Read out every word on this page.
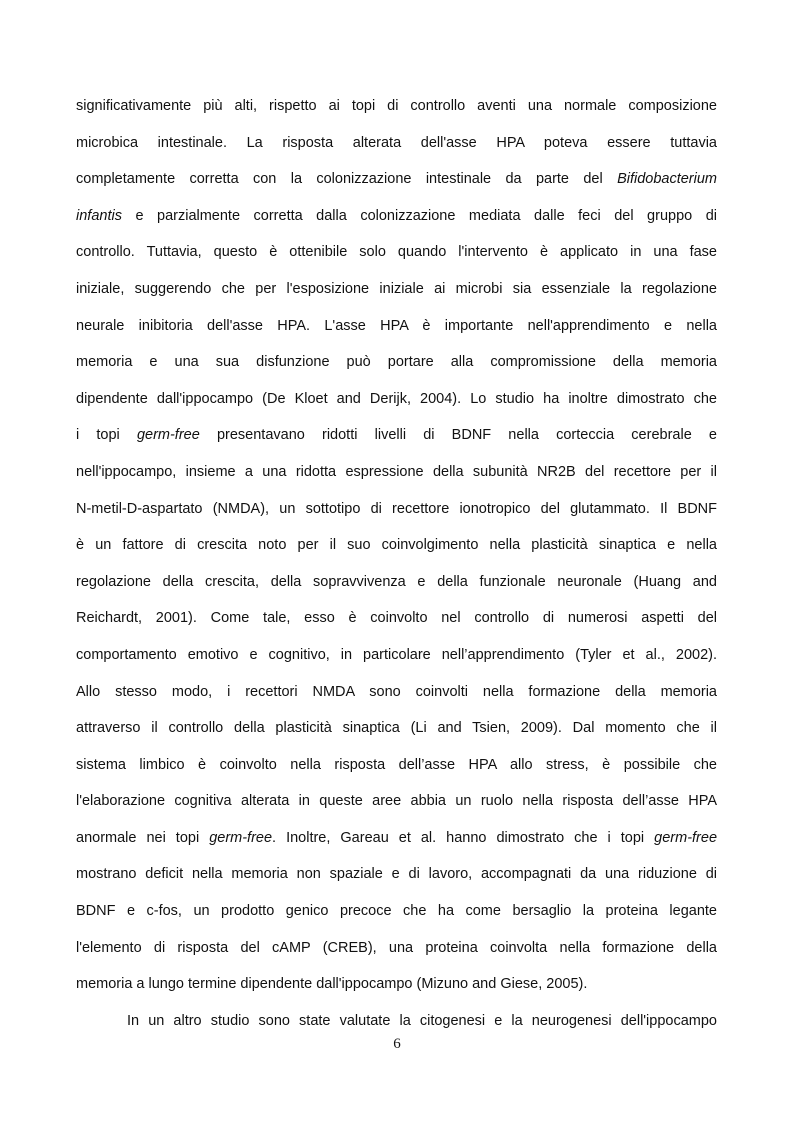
significativamente più alti, rispetto ai topi di controllo aventi una normale composizione
microbica intestinale. La risposta alterata dell'asse HPA poteva essere tuttavia
completamente corretta con la colonizzazione intestinale da parte del Bifidobacterium
infantis e parzialmente corretta dalla colonizzazione mediata dalle feci del gruppo di
controllo. Tuttavia, questo è ottenibile solo quando l'intervento è applicato in una fase
iniziale, suggerendo che per l'esposizione iniziale ai microbi sia essenziale la regolazione
neurale inibitoria dell'asse HPA. L'asse HPA è importante nell'apprendimento e nella
memoria e una sua disfunzione può portare alla compromissione della memoria
dipendente dall'ippocampo (De Kloet and Derijk, 2004). Lo studio ha inoltre dimostrato che
i topi germ-free presentavano ridotti livelli di BDNF nella corteccia cerebrale e
nell'ippocampo, insieme a una ridotta espressione della subunità NR2B del recettore per il
N-metil-D-aspartato (NMDA), un sottotipo di recettore ionotropico del glutammato. Il BDNF
è un fattore di crescita noto per il suo coinvolgimento nella plasticità sinaptica e nella
regolazione della crescita, della sopravvivenza e della funzionale neuronale (Huang and
Reichardt, 2001). Come tale, esso è coinvolto nel controllo di numerosi aspetti del
comportamento emotivo e cognitivo, in particolare nell’apprendimento (Tyler et al., 2002).
Allo stesso modo, i recettori NMDA sono coinvolti nella formazione della memoria
attraverso il controllo della plasticità sinaptica (Li and Tsien, 2009). Dal momento che il
sistema limbico è coinvolto nella risposta dell’asse HPA allo stress, è possibile che
l'elaborazione cognitiva alterata in queste aree abbia un ruolo nella risposta dell’asse HPA
anormale nei topi germ-free. Inoltre, Gareau et al. hanno dimostrato che i topi germ-free
mostrano deficit nella memoria non spaziale e di lavoro, accompagnati da una riduzione di
BDNF e c-fos, un prodotto genico precoce che ha come bersaglio la proteina legante
l'elemento di risposta del cAMP (CREB), una proteina coinvolta nella formazione della
memoria a lungo termine dipendente dall'ippocampo (Mizuno and Giese, 2005).
In un altro studio sono state valutate la citogenesi e la neurogenesi dell'ippocampo
6
